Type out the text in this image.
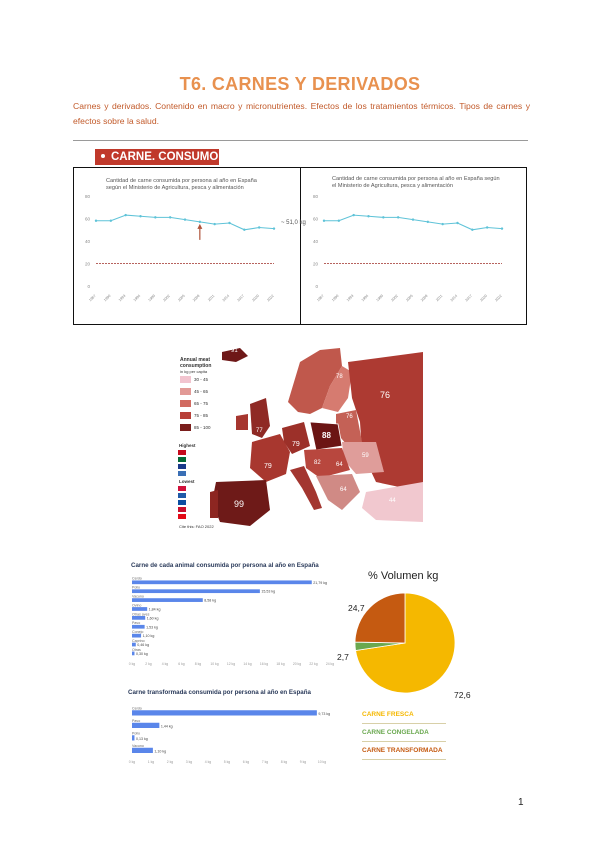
T6. CARNES Y DERIVADOS
Carnes y derivados. Contenido en macro y micronutrientes. Efectos de los tratamientos térmicos. Tipos de carnes y efectos sobre la salud.
CARNE. CONSUMO
Cantidad de carne consumida por persona al año en España según el Ministerio de Agricultura, pesca y alimentación
Cantidad de carne consumida por persona al año en España según el Ministerio de Agricultura, pesca y alimentación
0
20
40
60
80
1987 1990 1993 1996 1999 2002 2005 2008 2011 2014 2017 2020 2022
0
20
40
60
80
1987 1990 1993 1996 1999 2002 2005 2008 2011 2014 2017 2020 2022
~ 51,0 kg
Annual meat consumption
in kg per capita
30 - 45
45 - 65
65 - 75
75 - 85
85 - 100
Highest
Lowest
Cite this: FAO 2022
91
78
76
88
79
79
77
99
59
44
82	64
64
76
Carne de cada animal consumida por persona al año en España
Cerdo
21,79 kg
Pollo
15,53 kg
Vacuno
8,58 kg
Ovino
1,84 kg
Otras aves
1,60 kg
Pavo
1,53 kg
Conejo
1,10 kg
Caprino
0,46 kg
Otras
0,30 kg
0 kg	2 kg	4 kg	6 kg	8 kg	10 kg 12 kg 14 kg 16 kg 18 kg 20 kg 22 kg 24 kg
Carne transformada consumida por persona al año en España
Cerdo
9,73 kg
Pavo
1,44 kg
Pollo
0,13 kg
Vacuno
1,10 kg
0 kg	1 kg	2 kg	3 kg	4 kg	5 kg	6 kg	7 kg	8 kg	9 kg	10 kg
% Volumen kg
24,7
2,7
72,6
CARNE FRESCA
CARNE CONGELADA
CARNE TRANSFORMADA
1
